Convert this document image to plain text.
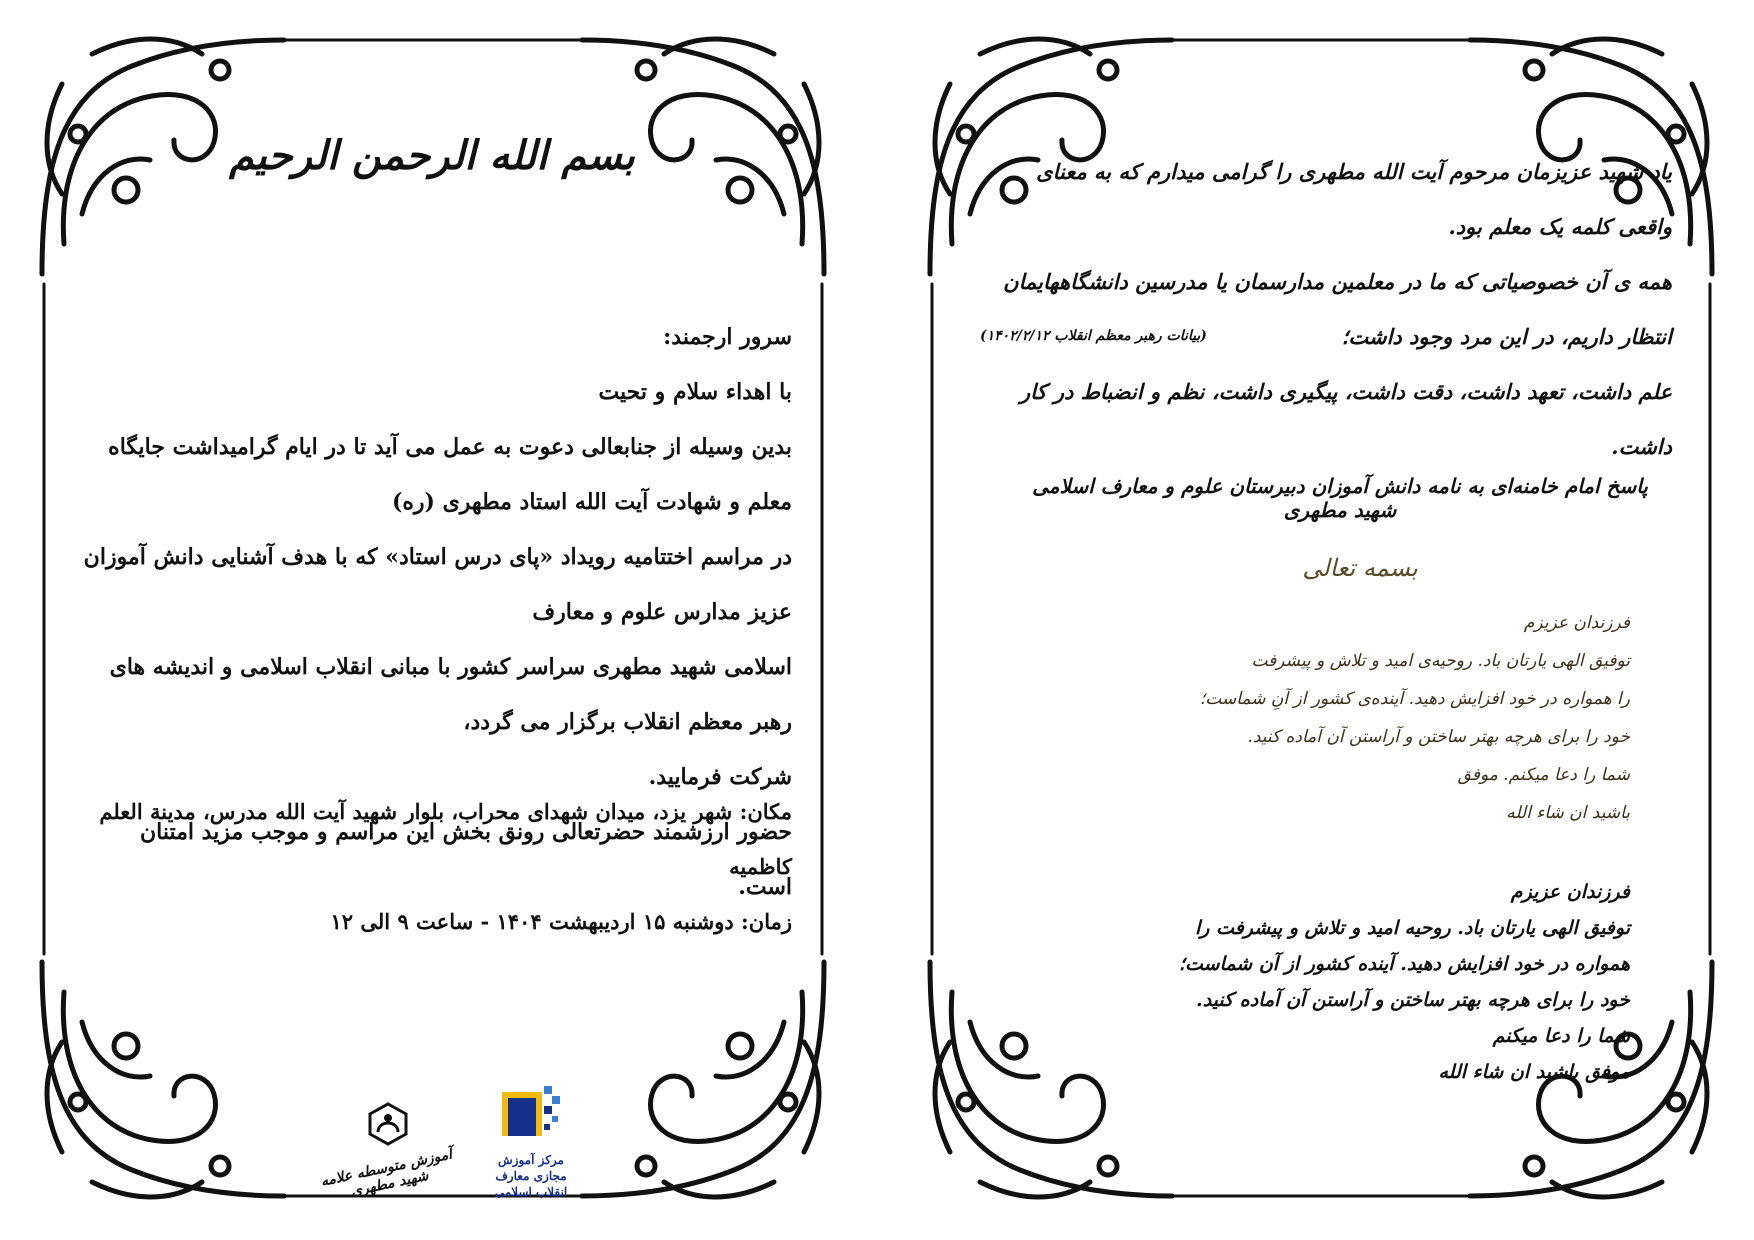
بسم الله الرحمن الرحیم

سرور ارجمند:

با اهداء سلام و تحیت

بدین وسیله از جنابعالی دعوت به عمل می آید تا در ایام گرامیداشت جایگاه معلم و شهادت آیت الله استاد مطهری (ره)

در مراسم اختتامیه رویداد «پای درس استاد» که با هدف آشنایی دانش آموزان عزیز مدارس علوم و معارف

اسلامی شهید مطهری سراسر کشور با مبانی انقلاب اسلامی و اندیشه های رهبر معظم انقلاب برگزار می گردد،

شرکت فرمایید.

حضور ارزشمند حضرتعالی رونق بخش این مراسم و موجب مزید امتنان است.

مکان: شهر یزد، میدان شهدای محراب، بلوار شهید آیت الله مدرس، مدینة العلم کاظمیه

زمان: دوشنبه ۱۵ اردیبهشت ۱۴۰۴ - ساعت ۹ الی ۱۲

مرکز آموزش
مجازی معارف
انقلاب اسلامی
آموزش متوسطه علامه شهید مطهری

یاد شهید عزیزمان مرحوم آیت الله مطهری را گرامی میدارم که به معنای واقعی کلمه یک معلم بود.

همه ی آن خصوصیاتی که ما در معلمین مدارسمان یا مدرسین دانشگاههایمان انتظار داریم، در این مرد وجود داشت؛

علم داشت، تعهد داشت، دقت داشت، پیگیری داشت، نظم و انضباط در کار داشت.

(بیانات رهبر معظم انقلاب ۱۴۰۲/۲/۱۲)
پاسخ امام خامنه‌ای به نامه دانش آموزان دبیرستان علوم و معارف اسلامی شهید مطهری
بسمه تعالی

فرزندان عزیزم

توفیق الهی یارتان باد. روحیه‌ی امید و تلاش و پیشرفت

را همواره در خود افزایش دهید. آینده‌ی کشور از آنِ شماست؛

خود را برای هرچه بهتر ساختن و آراستن آن آماده کنید.

شما را دعا میکنم. موفق

باشید ان شاء الله

فرزندان عزیزم

توفیق الهی یارتان باد. روحیه امید و تلاش و پیشرفت را

همواره در خود افزایش دهید. آینده کشور از آن شماست؛

خود را برای هرچه بهتر ساختن و آراستن آن آماده کنید.

شما را دعا میکنم

موفق باشید ان شاء الله
